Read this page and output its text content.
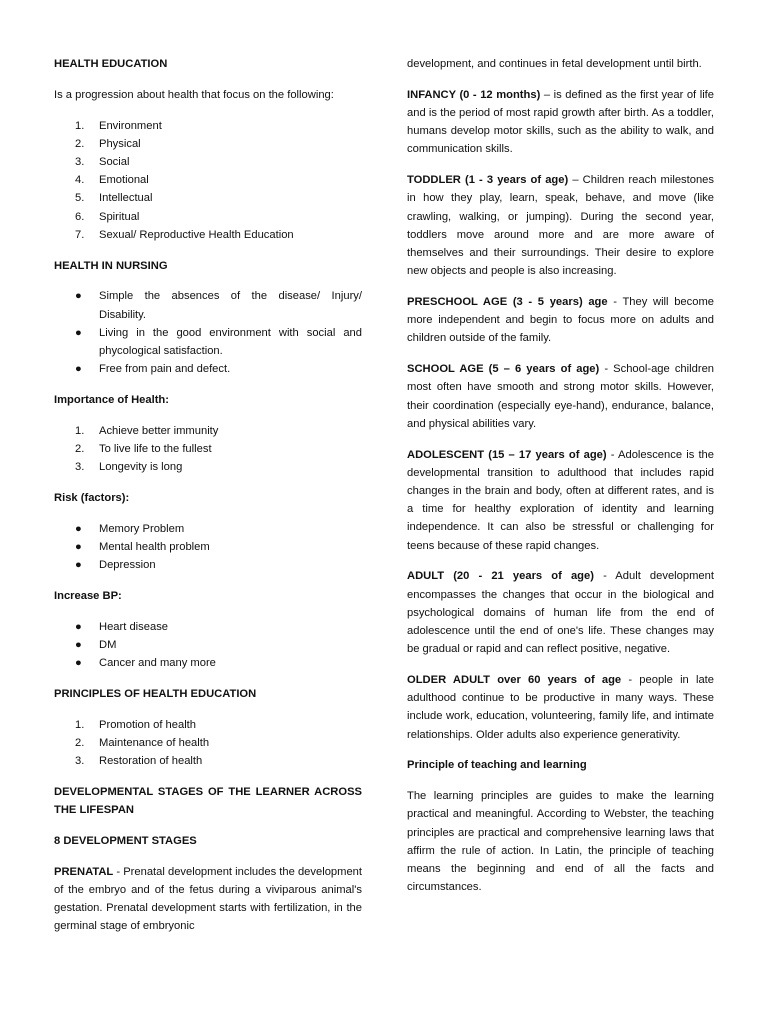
HEALTH EDUCATION

Is a progression about health that focus on the following:

1. Environment
2. Physical
3. Social
4. Emotional
5. Intellectual
6. Spiritual
7. Sexual/ Reproductive Health Education
HEALTH IN NURSING
● Simple the absences of the disease/ Injury/ Disability.
● Living in the good environment with social and phycological satisfaction.
● Free from pain and defect.
Importance of Health:
1. Achieve better immunity
2. To live life to the fullest
3. Longevity is long
Risk (factors):
● Memory Problem
● Mental health problem
● Depression
Increase BP:
● Heart disease
● DM
● Cancer and many more
PRINCIPLES OF HEALTH EDUCATION
1. Promotion of health
2. Maintenance of health
3. Restoration of health
DEVELOPMENTAL STAGES OF THE LEARNER ACROSS THE LIFESPAN
8 DEVELOPMENT STAGES

PRENATAL - Prenatal development includes the development of the embryo and of the fetus during a viviparous animal's gestation. Prenatal development starts with fertilization, in the germinal stage of embryonic

development, and continues in fetal development until birth.

INFANCY (0 - 12 months) – is defined as the first year of life and is the period of most rapid growth after birth. As a toddler, humans develop motor skills, such as the ability to walk, and communication skills.

TODDLER (1 - 3 years of age) – Children reach milestones in how they play, learn, speak, behave, and move (like crawling, walking, or jumping). During the second year, toddlers move around more and are more aware of themselves and their surroundings. Their desire to explore new objects and people is also increasing.

PRESCHOOL AGE (3 - 5 years) age - They will become more independent and begin to focus more on adults and children outside of the family.

SCHOOL AGE (5 – 6 years of age) - School-age children most often have smooth and strong motor skills. However, their coordination (especially eye-hand), endurance, balance, and physical abilities vary.

ADOLESCENT (15 – 17 years of age) - Adolescence is the developmental transition to adulthood that includes rapid changes in the brain and body, often at different rates, and is a time for healthy exploration of identity and learning independence. It can also be stressful or challenging for teens because of these rapid changes.

ADULT (20 - 21 years of age) - Adult development encompasses the changes that occur in the biological and psychological domains of human life from the end of adolescence until the end of one's life. These changes may be gradual or rapid and can reflect positive, negative.

OLDER ADULT over 60 years of age - people in late adulthood continue to be productive in many ways. These include work, education, volunteering, family life, and intimate relationships. Older adults also experience generativity.

Principle of teaching and learning

The learning principles are guides to make the learning practical and meaningful. According to Webster, the teaching principles are practical and comprehensive learning laws that affirm the rule of action. In Latin, the principle of teaching means the beginning and end of all the facts and circumstances.
